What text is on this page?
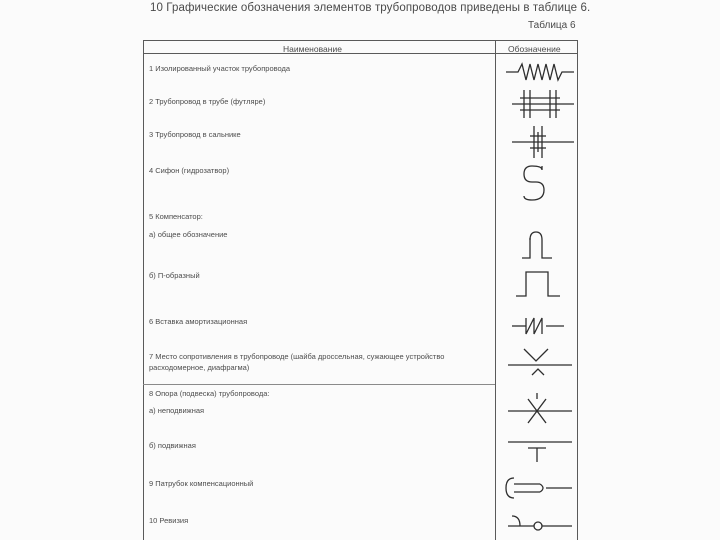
10 Графические обозначения элементов трубопроводов приведены в таблице 6.
Таблица 6
Наименование	Обозначение
1 Изолированный участок трубопровода
2 Трубопровод в трубе (футляре)
3 Трубопровод в сальнике
4 Сифон (гидрозатвор)
5 Компенсатор:
а) общее обозначение
б) П-образный
6 Вставка амортизационная
7 Место сопротивления в трубопроводе (шайба дроссельная, сужающее устройство расходомерное, диафрагма)
8 Опора (подвеска) трубопровода:
а) неподвижная
б) подвижная
9 Патрубок компенсационный
10 Ревизия
